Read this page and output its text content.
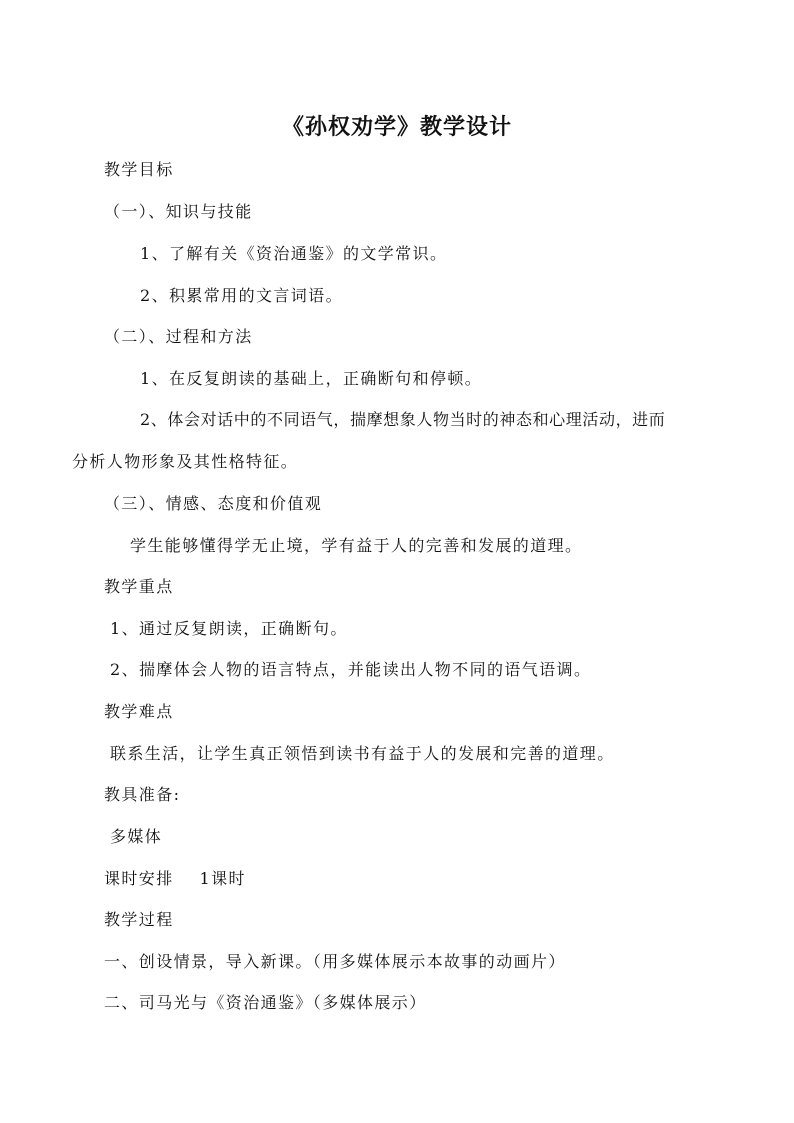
《孙权劝学》教学设计
教学目标
（一）、知识与技能
1、了解有关《资治通鉴》的文学常识。
2、积累常用的文言词语。
（二）、过程和方法
1、在反复朗读的基础上，正确断句和停顿。
2、体会对话中的不同语气，揣摩想象人物当时的神态和心理活动，进而
分析人物形象及其性格特征。
（三）、情感、态度和价值观
学生能够懂得学无止境，学有益于人的完善和发展的道理。
教学重点
1、通过反复朗读，正确断句。
2、揣摩体会人物的语言特点，并能读出人物不同的语气语调。
教学难点
联系生活，让学生真正领悟到读书有益于人的发展和完善的道理。
教具准备:
多媒体
课时安排    1课时
教学过程
一、创设情景，导入新课。（用多媒体展示本故事的动画片）
二、司马光与《资治通鉴》（多媒体展示）
